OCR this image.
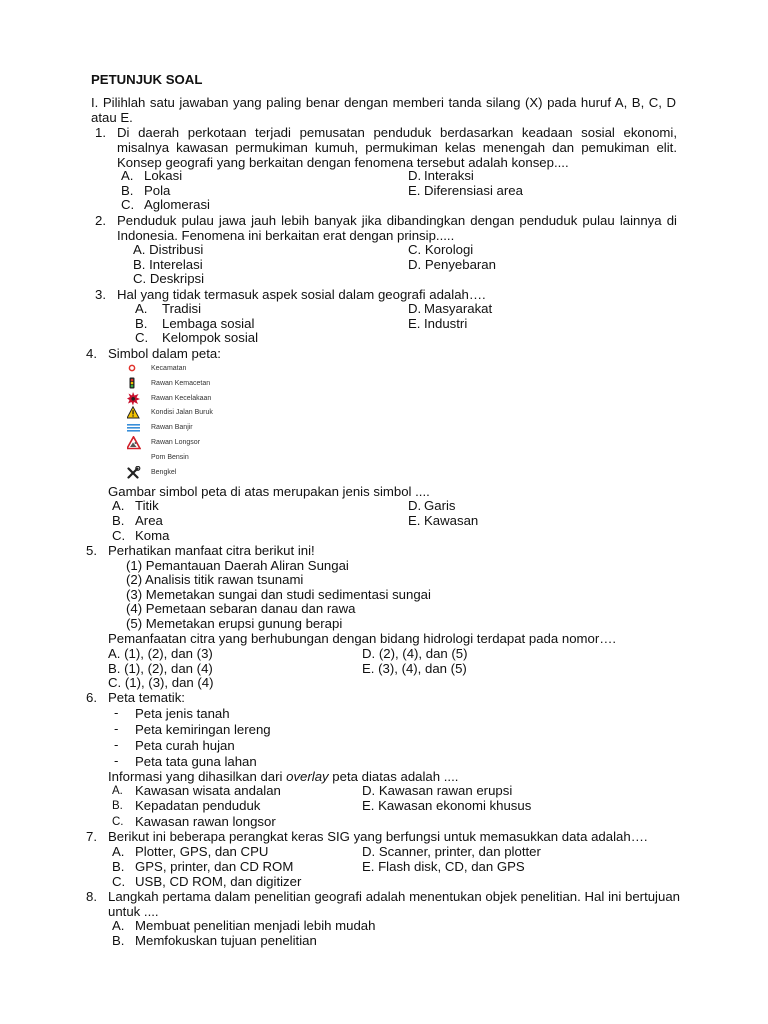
PETUNJUK SOAL
I. Pilihlah satu jawaban yang paling benar dengan memberi tanda silang (X) pada huruf A, B, C, D atau E.
1. Di daerah perkotaan terjadi pemusatan penduduk berdasarkan keadaan sosial ekonomi, misalnya kawasan permukiman kumuh, permukiman kelas menengah dan pemukiman elit. Konsep geografi yang berkaitan dengan fenomena tersebut adalah konsep....
A. Lokasi
B. Pola
C. Aglomerasi
D. Interaksi
E. Diferensiasi area
2. Penduduk pulau jawa jauh lebih banyak jika dibandingkan dengan penduduk pulau lainnya di Indonesia. Fenomena ini berkaitan erat dengan prinsip.....
A. Distribusi
B. Interelasi
C. Deskripsi
C. Korologi
D. Penyebaran
3. Hal yang tidak termasuk aspek sosial dalam geografi adalah….
A. Tradisi
B. Lembaga sosial
C. Kelompok sosial
D. Masyarakat
E. Industri
4. Simbol dalam peta:
Kecamatan
Rawan Kemacetan
Rawan Kecelakaan
Kondisi Jalan Buruk
Rawan Banjir
Rawan Longsor
Pom Bensin
Bengkel
Gambar simbol peta di atas merupakan jenis simbol ....
A. Titik
B. Area
C. Koma
D. Garis
E. Kawasan
5. Perhatikan manfaat citra berikut ini!
(1) Pemantauan Daerah Aliran Sungai
(2) Analisis titik rawan tsunami
(3) Memetakan sungai dan studi sedimentasi sungai
(4) Pemetaan sebaran danau dan rawa
(5) Memetakan erupsi gunung berapi
Pemanfaatan citra yang berhubungan dengan bidang hidrologi terdapat pada nomor….
A. (1), (2), dan (3)
B. (1), (2), dan (4)
C. (1), (3), dan (4)
D. (2), (4), dan (5)
E. (3), (4), dan (5)
6. Peta tematik:
- Peta jenis tanah
- Peta kemiringan lereng
- Peta curah hujan
- Peta tata guna lahan
Informasi yang dihasilkan dari overlay peta diatas adalah ....
A. Kawasan wisata andalan
B. Kepadatan penduduk
C. Kawasan rawan longsor
D. Kawasan rawan erupsi
E. Kawasan ekonomi khusus
7. Berikut ini beberapa perangkat keras SIG yang berfungsi untuk memasukkan data adalah….
A. Plotter, GPS, dan CPU
B. GPS, printer, dan CD ROM
C. USB, CD ROM, dan digitizer
D. Scanner, printer, dan plotter
E. Flash disk, CD, dan GPS
8. Langkah pertama dalam penelitian geografi adalah menentukan objek penelitian. Hal ini bertujuan untuk ....
A. Membuat penelitian menjadi lebih mudah
B. Memfokuskan tujuan penelitian
